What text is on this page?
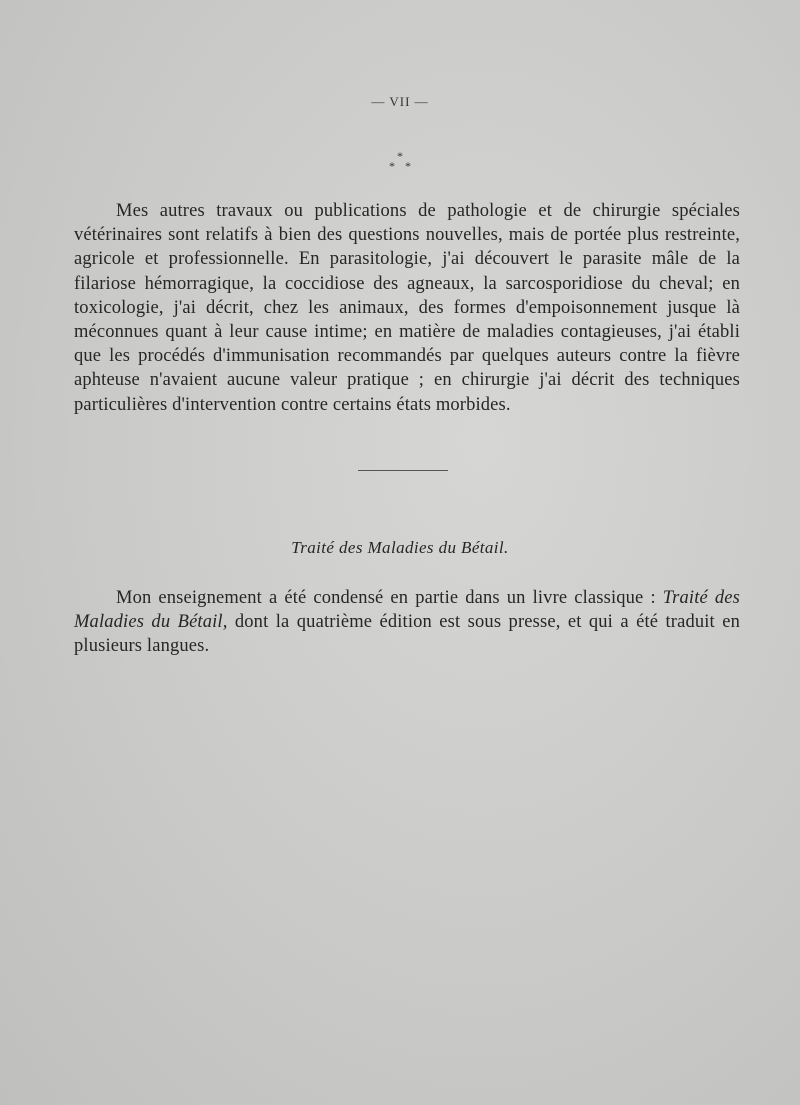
— VII —
*
* *

Mes autres travaux ou publications de pathologie et de chirurgie spéciales vétérinaires sont relatifs à bien des questions nouvelles, mais de portée plus restreinte, agricole et professionnelle. En parasitologie, j'ai découvert le parasite mâle de la filariose hémorragique, la coccidiose des agneaux, la sarcosporidiose du cheval; en toxicologie, j'ai décrit, chez les animaux, des formes d'empoisonnement jusque là méconnues quant à leur cause intime; en matière de maladies contagieuses, j'ai établi que les procédés d'immunisation recommandés par quelques auteurs contre la fièvre aphteuse n'avaient aucune valeur pratique ; en chirurgie j'ai décrit des techniques particulières d'intervention contre certains états morbides.

Traité des Maladies du Bétail.

Mon enseignement a été condensé en partie dans un livre classique : Traité des Maladies du Bétail, dont la quatrième édition est sous presse, et qui a été traduit en plusieurs langues.
